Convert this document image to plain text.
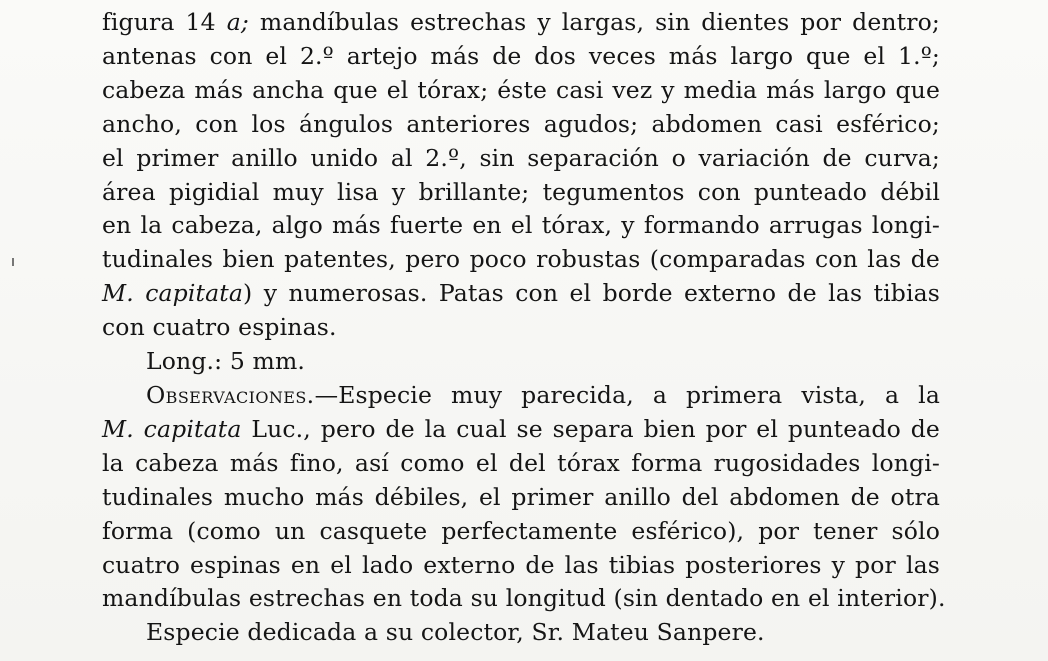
figura 14 a; mandíbulas estrechas y largas, sin dientes por dentro;
antenas con el 2.º artejo más de dos veces más largo que el 1.º;
cabeza más ancha que el tórax; éste casi vez y media más largo que
ancho, con los ángulos anteriores agudos; abdomen casi esférico;
el primer anillo unido al 2.º, sin separación o variación de curva;
área pigidial muy lisa y brillante; tegumentos con punteado débil
en la cabeza, algo más fuerte en el tórax, y formando arrugas longi-
tudinales bien patentes, pero poco robustas (comparadas con las de
M. capitata) y numerosas. Patas con el borde externo de las tibias
con cuatro espinas.
Long.: 5 mm.
Observaciones.—Especie muy parecida, a primera vista, a la
M. capitata Luc., pero de la cual se separa bien por el punteado de
la cabeza más fino, así como el del tórax forma rugosidades longi-
tudinales mucho más débiles, el primer anillo del abdomen de otra
forma (como un casquete perfectamente esférico), por tener sólo
cuatro espinas en el lado externo de las tibias posteriores y por las
mandíbulas estrechas en toda su longitud (sin dentado en el interior).
Especie dedicada a su colector, Sr. Mateu Sanpere.
